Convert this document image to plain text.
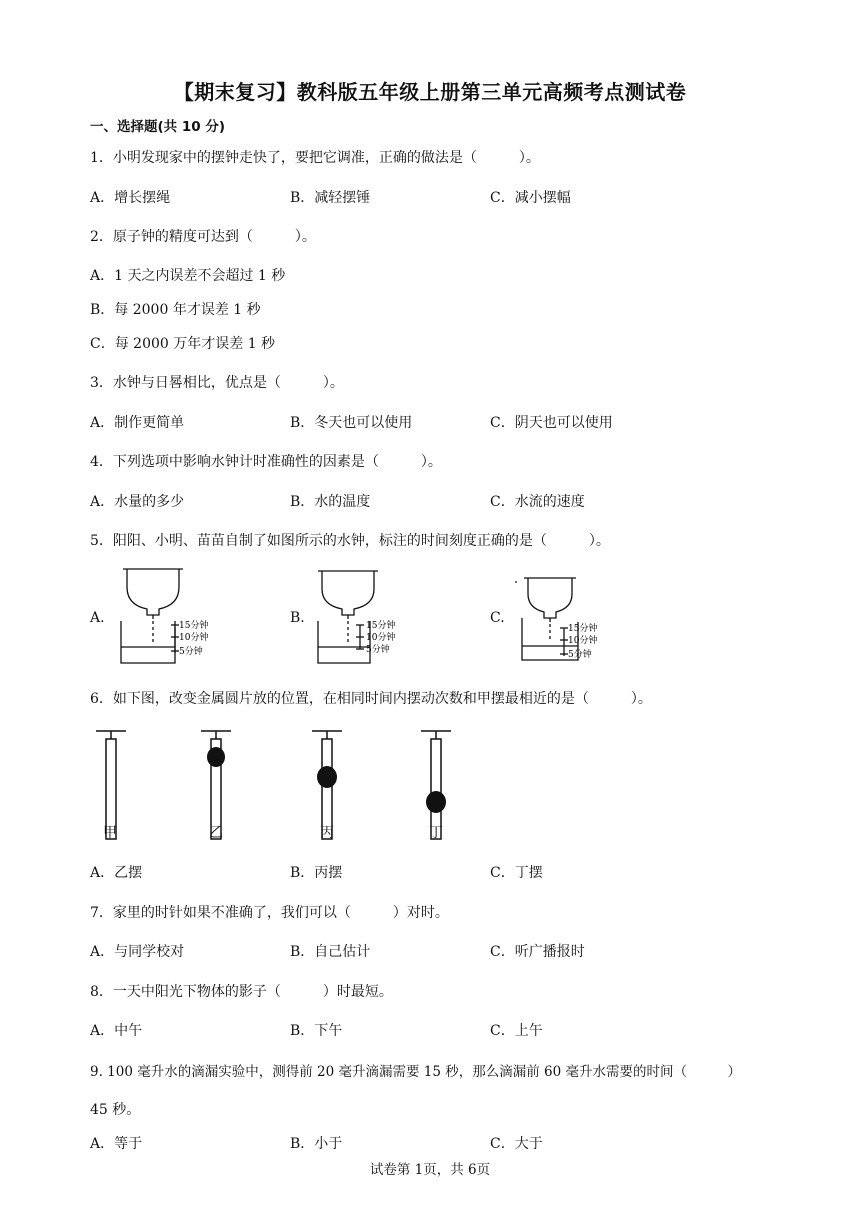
【期末复习】教科版五年级上册第三单元高频考点测试卷
一、选择题(共 10 分)
1．小明发现家中的摆钟走快了，要把它调准，正确的做法是（　　　）。
A．增长摆绳	B．减轻摆锤	C．减小摆幅
2．原子钟的精度可达到（　　　）。
A．1 天之内误差不会超过 1 秒
B．每 2000 年才误差 1 秒
C．每 2000 万年才误差 1 秒
3．水钟与日晷相比，优点是（　　　）。
A．制作更简单	B．冬天也可以使用	C．阴天也可以使用
4．下列选项中影响水钟计时准确性的因素是（　　　）。
A．水量的多少	B．水的温度	C．水流的速度
5．阳阳、小明、苗苗自制了如图所示的水钟，标注的时间刻度正确的是（　　　）。
A.	B.	C.
15分钟
10分钟
5分钟
15分钟
10分钟
5分钟
15分钟
10分钟
5分钟
6．如下图，改变金属圆片放的位置，在相同时间内摆动次数和甲摆最相近的是（　　　）。
甲	乙	丙	丁
A．乙摆	B．丙摆	C．丁摆
7．家里的时针如果不准确了，我们可以（　　　）对时。
A．与同学校对	B．自己估计	C．听广播报时
8．一天中阳光下物体的影子（　　　）时最短。
A．中午	B．下午	C．上午
9. 100 毫升水的滴漏实验中，测得前 20 毫升滴漏需要 15 秒，那么滴漏前 60 毫升水需要的时间（　　　）
45 秒。
A．等于	B．小于	C．大于
试卷第 1页，共 6页
